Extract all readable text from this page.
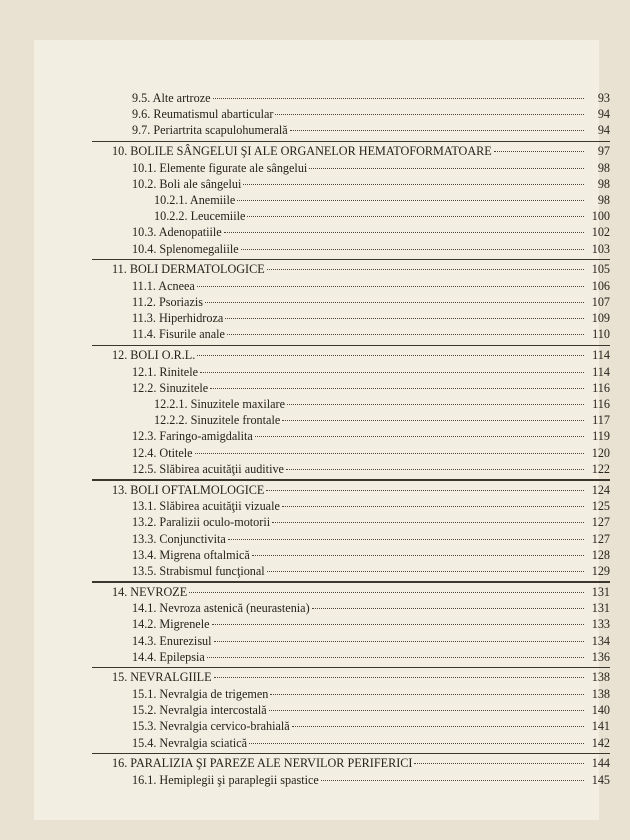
9.5. Alte artroze	93
9.6. Reumatismul abarticular	94
9.7. Periartrita scapulohumerală	94
10. BOLILE SÂNGELUI ŞI ALE ORGANELOR HEMATOFORMATOARE	97
10.1. Elemente figurate ale sângelui	98
10.2. Boli ale sângelui	98
10.2.1. Anemiile	98
10.2.2. Leucemiile	100
10.3. Adenopatiile	102
10.4. Splenomegaliile	103
11. BOLI DERMATOLOGICE	105
11.1. Acneea	106
11.2. Psoriazis	107
11.3. Hiperhidroza	109
11.4. Fisurile anale	110
12. BOLI O.R.L.	114
12.1. Rinitele	114
12.2. Sinuzitele	116
12.2.1. Sinuzitele maxilare	116
12.2.2. Sinuzitele frontale	117
12.3. Faringo-amigdalita	119
12.4. Otitele	120
12.5. Slăbirea acuităţii auditive	122
13. BOLI OFTALMOLOGICE	124
13.1. Slăbirea acuităţii vizuale	125
13.2. Paralizii oculo-motorii	127
13.3. Conjunctivita	127
13.4. Migrena oftalmică	128
13.5. Strabismul funcţional	129
14. NEVROZE	131
14.1. Nevroza astenică (neurastenia)	131
14.2. Migrenele	133
14.3. Enurezisul	134
14.4. Epilepsia	136
15. NEVRALGIILE	138
15.1. Nevralgia de trigemen	138
15.2. Nevralgia intercostală	140
15.3. Nevralgia cervico-brahială	141
15.4. Nevralgia sciatică	142
16. PARALIZIA ŞI PAREZE ALE NERVILOR PERIFERICI	144
16.1. Hemiplegii şi paraplegii spastice	145
